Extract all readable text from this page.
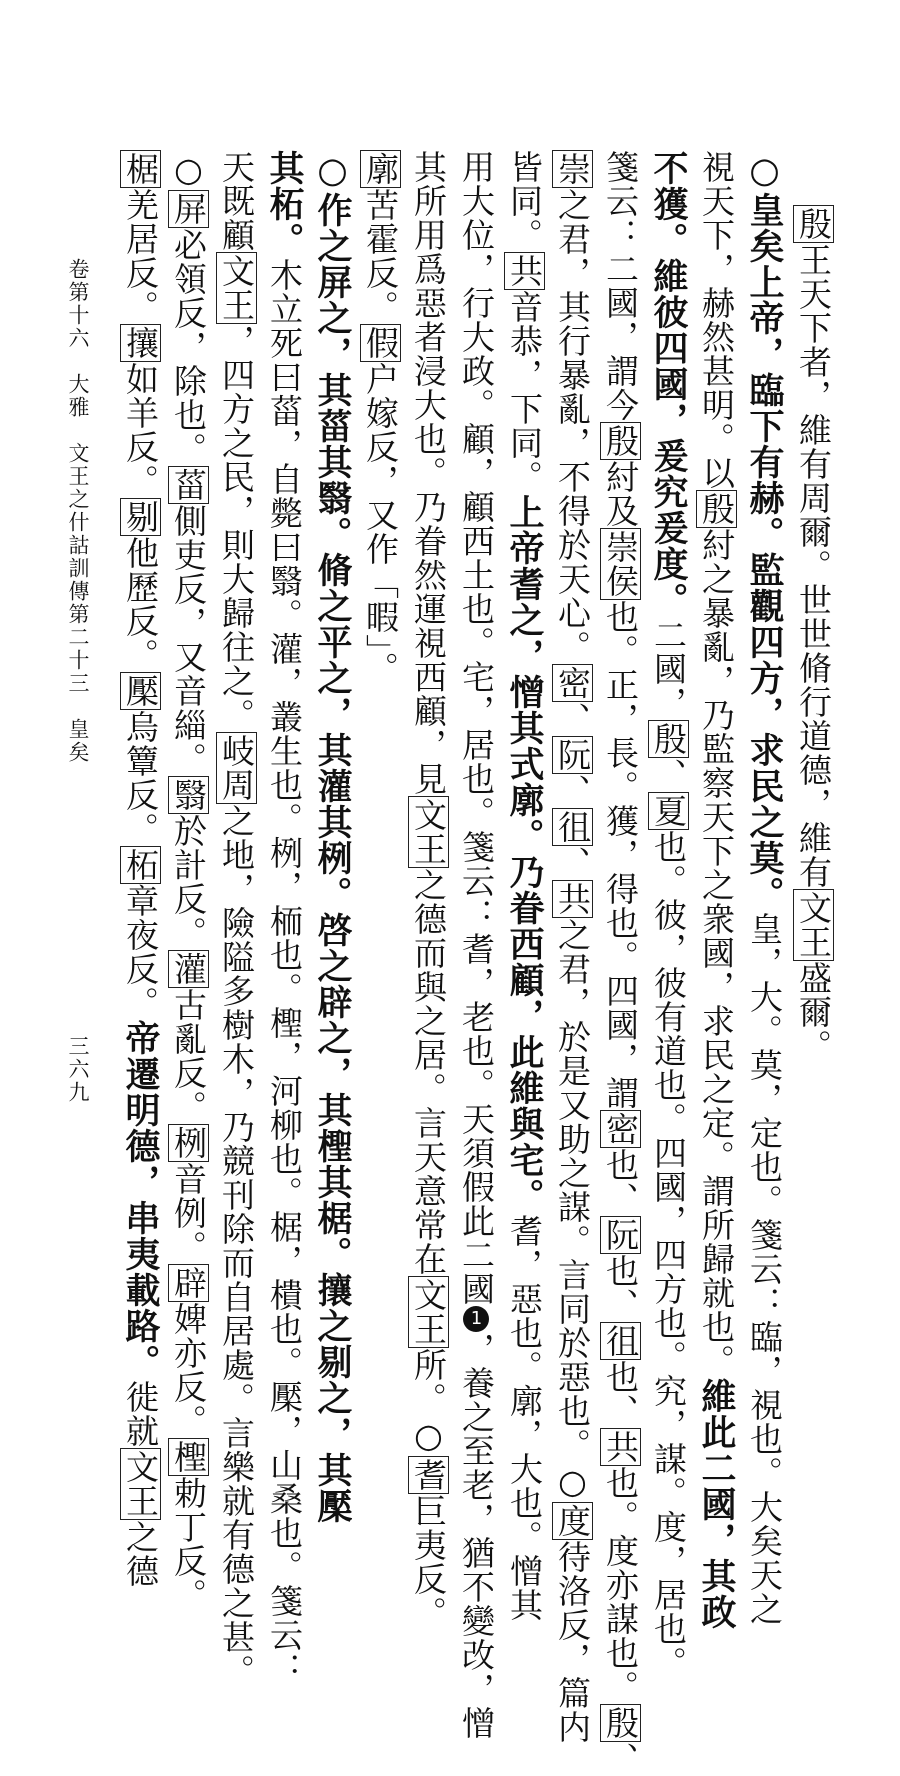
殷王天下者，維有周爾。世世脩行道德，維有文王盛爾。
○皇矣上帝，臨下有赫。監觀四方，求民之莫。皇，大。莫，定也。箋云：臨，視也。大矣天之
視天下，赫然甚明。以殷紂之暴亂，乃監察天下之衆國，求民之定。謂所歸就也。維此二國，其政
不獲。維彼四國，爰究爰度。二國，殷、夏也。彼，彼有道也。四國，四方也。究，謀。度，居也。
箋云：二國，謂今殷紂及崇侯也。正，長。獲，得也。四國，謂密也、阮也、徂也、共也。度亦謀也。殷、
崇之君，其行暴亂，不得於天心。密、阮、徂、共之君，於是又助之謀。言同於惡也。○度待洛反，篇内
皆同。共音恭，下同。上帝耆之，憎其式廓。乃眷西顧，此維與宅。耆，惡也。廓，大也。憎其
用大位，行大政。顧，顧西土也。宅，居也。箋云：耆，老也。天須假此二國1，養之至老，猶不變改，憎
其所用爲惡者浸大也。乃眷然運視西顧，見文王之德而與之居。言天意常在文王所。○耆巨夷反。
廓苦霍反。假户嫁反，又作「暇」。
○作之屏之，其菑其翳。脩之平之，其灌其栵。啓之辟之，其檉其椐。攘之剔之，其檿
其柘。木立死曰菑，自斃曰翳。灌，叢生也。栵，栭也。檉，河柳也。椐，樻也。檿，山桑也。箋云：
天既顧文王，四方之民，則大歸往之。岐周之地，險隘多樹木，乃競刊除而自居處。言樂就有德之甚。
○屏必領反，除也。菑側吏反，又音緇。翳於計反。灌古亂反。栵音例。辟婢亦反。檉勅丁反。
椐羌居反。攘如羊反。剔他歷反。檿烏簟反。柘章夜反。帝遷明德，串夷載路。徙就文王之德
卷第十六　大雅　文王之什詁訓傳第二十三　皇矣
三六九
